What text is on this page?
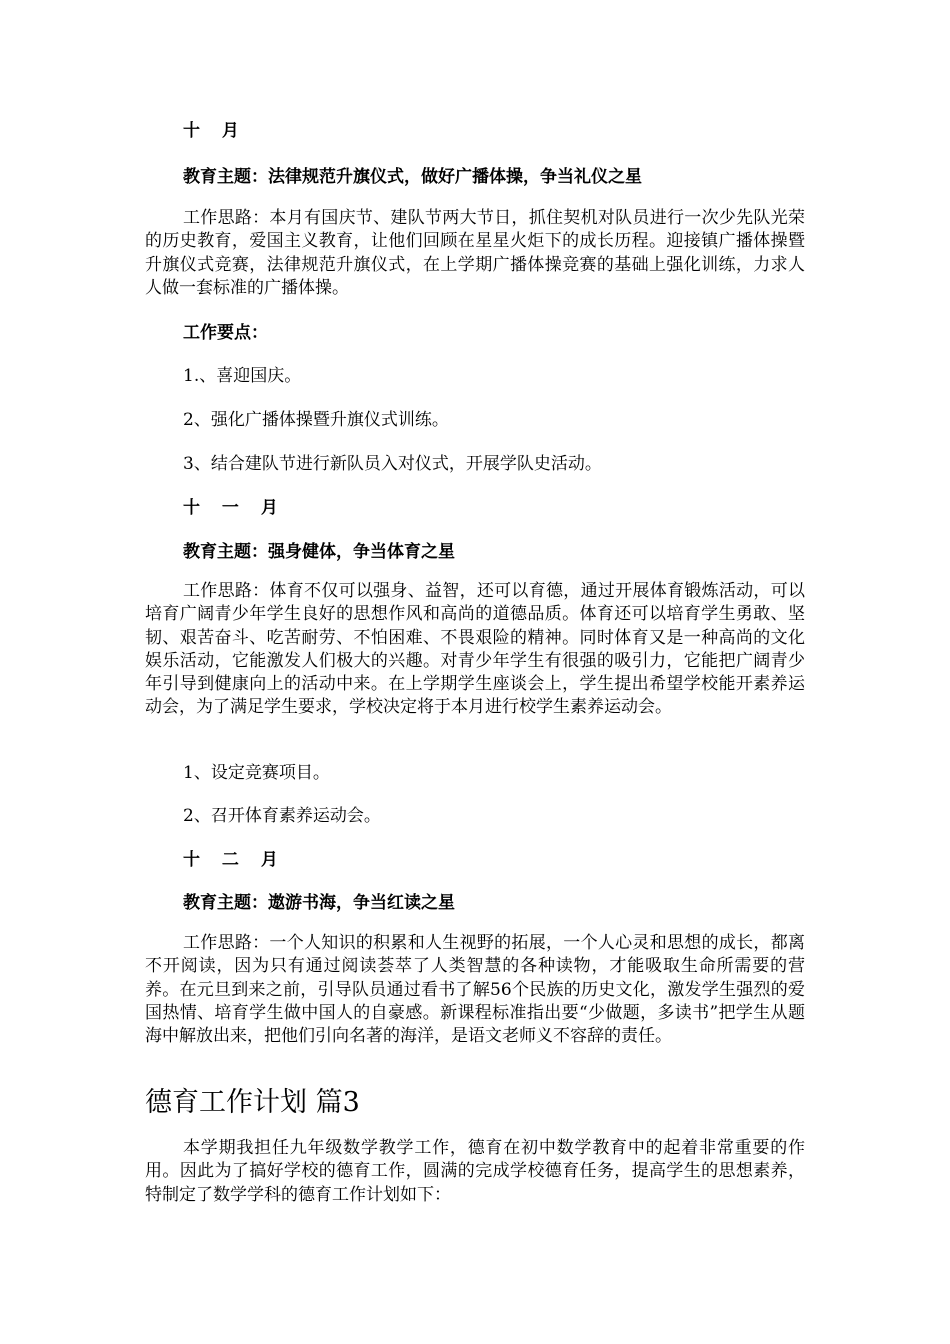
十 月

教育主题：法律规范升旗仪式，做好广播体操，争当礼仪之星

工作思路：本月有国庆节、建队节两大节日，抓住契机对队员进行一次少先队光荣的历史教育，爱国主义教育，让他们回顾在星星火炬下的成长历程。迎接镇广播体操暨升旗仪式竞赛，法律规范升旗仪式，在上学期广播体操竞赛的基础上强化训练，力求人人做一套标准的广播体操。

工作要点：

1.、喜迎国庆。

2、强化广播体操暨升旗仪式训练。

3、结合建队节进行新队员入对仪式，开展学队史活动。

十 一 月

教育主题：强身健体，争当体育之星

工作思路：体育不仅可以强身、益智，还可以育德，通过开展体育锻炼活动，可以培育广阔青少年学生良好的思想作风和高尚的道德品质。体育还可以培育学生勇敢、坚韧、艰苦奋斗、吃苦耐劳、不怕困难、不畏艰险的精神。同时体育又是一种高尚的文化娱乐活动，它能激发人们极大的兴趣。对青少年学生有很强的吸引力，它能把广阔青少年引导到健康向上的活动中来。在上学期学生座谈会上，学生提出希望学校能开素养运动会，为了满足学生要求，学校决定将于本月进行校学生素养运动会。

1、设定竞赛项目。

2、召开体育素养运动会。

十 二 月

教育主题：遨游书海，争当红读之星

工作思路：一个人知识的积累和人生视野的拓展，一个人心灵和思想的成长，都离不开阅读，因为只有通过阅读荟萃了人类智慧的各种读物，才能吸取生命所需要的营养。在元旦到来之前，引导队员通过看书了解56个民族的历史文化，激发学生强烈的爱国热情、培育学生做中国人的自豪感。新课程标准指出要“少做题，多读书”把学生从题海中解放出来，把他们引向名著的海洋，是语文老师义不容辞的责任。

德育工作计划 篇3

本学期我担任九年级数学教学工作，德育在初中数学教育中的起着非常重要的作用。因此为了搞好学校的德育工作，圆满的完成学校德育任务，提高学生的思想素养，特制定了数学学科的德育工作计划如下：
